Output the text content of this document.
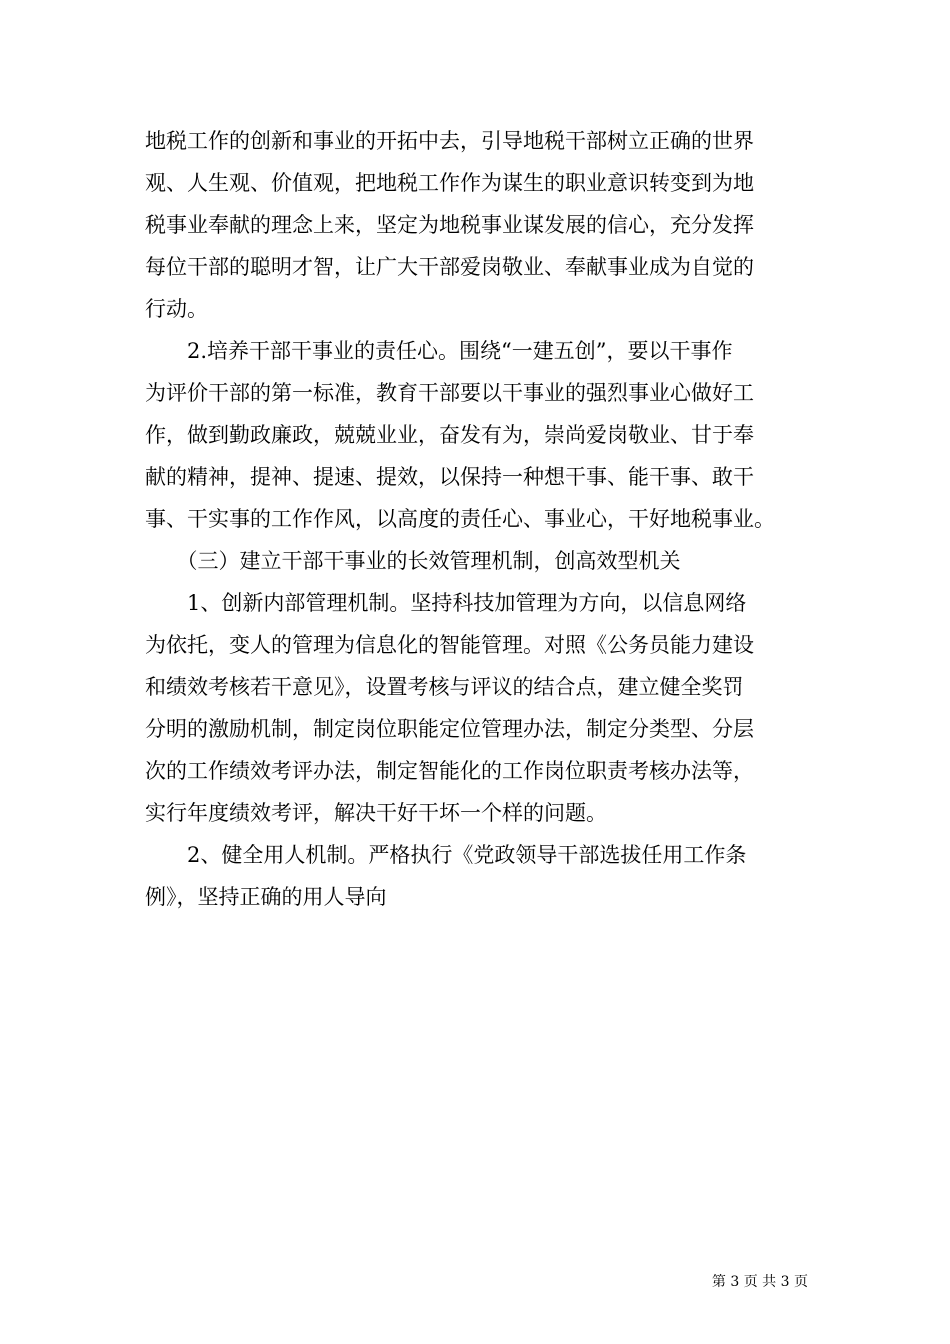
地税工作的创新和事业的开拓中去，引导地税干部树立正确的世界
观、人生观、价值观，把地税工作作为谋生的职业意识转变到为地
税事业奉献的理念上来，坚定为地税事业谋发展的信心，充分发挥
每位干部的聪明才智，让广大干部爱岗敬业、奉献事业成为自觉的
行动。
　　2.培养干部干事业的责任心。围绕“一建五创”，要以干事作
为评价干部的第一标准，教育干部要以干事业的强烈事业心做好工
作，做到勤政廉政，兢兢业业，奋发有为，崇尚爱岗敬业、甘于奉
献的精神，提神、提速、提效，以保持一种想干事、能干事、敢干
事、干实事的工作作风，以高度的责任心、事业心，干好地税事业。
　　（三）建立干部干事业的长效管理机制，创高效型机关
　　1、创新内部管理机制。坚持科技加管理为方向，以信息网络
为依托，变人的管理为信息化的智能管理。对照《公务员能力建设
和绩效考核若干意见》，设置考核与评议的结合点，建立健全奖罚
分明的激励机制，制定岗位职能定位管理办法，制定分类型、分层
次的工作绩效考评办法，制定智能化的工作岗位职责考核办法等，
实行年度绩效考评，解决干好干坏一个样的问题。
　　2、健全用人机制。严格执行《党政领导干部选拔任用工作条
例》，坚持正确的用人导向
第 3 页 共 3 页
